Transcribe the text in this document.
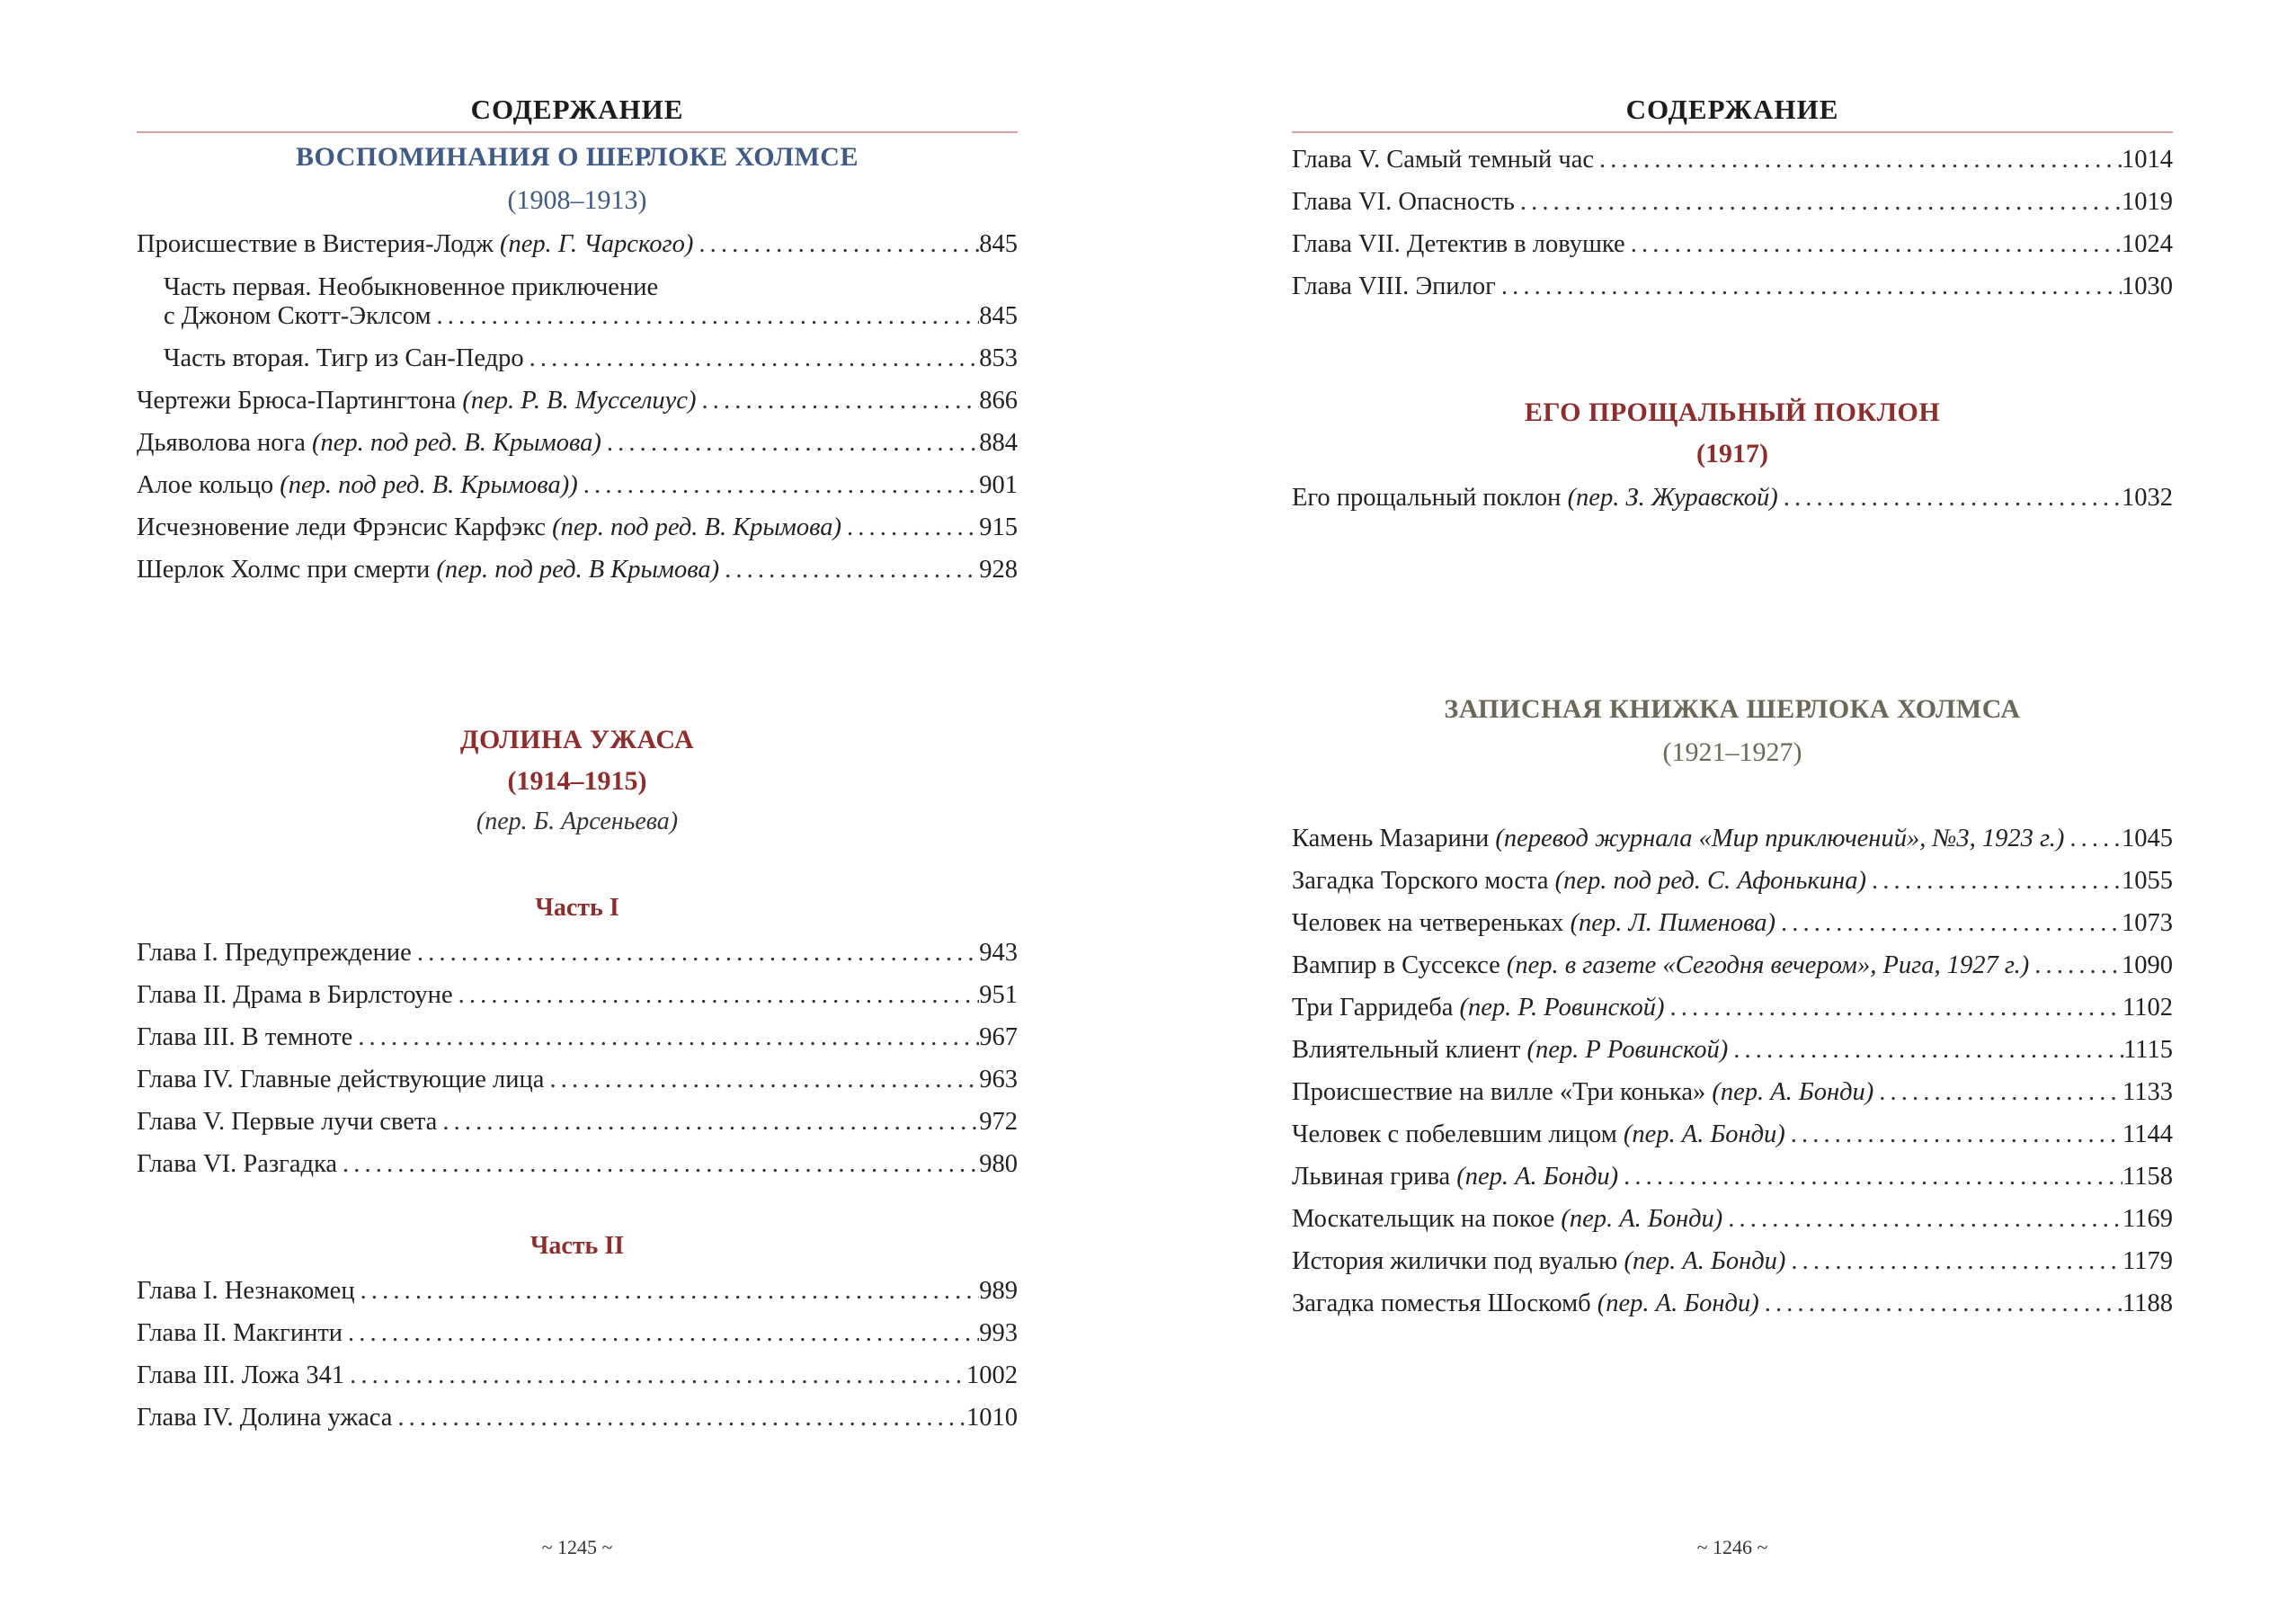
СОДЕРЖАНИЕ
ВОСПОМИНАНИЯ О ШЕРЛОКЕ ХОЛМСЕ
(1908–1913)
Происшествие в Вистерия-Лодж (пер. Г. Чарского) . . .	845
Часть первая. Необыкновенное приключение
с Джоном Скотт-Эклсом . . .	845
Часть вторая. Тигр из Сан-Педро . . .	853
Чертежи Брюса-Партингтона (пер. Р. В. Мусселиус) . . .	866
Дьяволова нога (пер. под ред. В. Крымова) . . .	884
Алое кольцо (пер. под ред. В. Крымова)) . . .	901
Исчезновение леди Фрэнсис Карфэкс (пер. под ред. В. Крымова) . . .	915
Шерлок Холмс при смерти (пер. под ред. В Крымова) . . .	928
ДОЛИНА УЖАСА
(1914–1915)
(пер. Б. Арсеньева)
Часть I
Глава I. Предупреждение . . .	943
Глава II. Драма в Бирлстоуне . . .	951
Глава III. В темноте . . .	967
Глава IV. Главные действующие лица . . .	963
Глава V. Первые лучи света . . .	972
Глава VI. Разгадка . . .	980
Часть II
Глава I. Незнакомец . . .	989
Глава II. Макгинти . . .	993
Глава III. Ложа 341 . . .	1002
Глава IV. Долина ужаса . . .	1010
~ 1245 ~
СОДЕРЖАНИЕ
Глава V. Самый темный час . . .	1014
Глава VI. Опасность . . .	1019
Глава VII. Детектив в ловушке . . .	1024
Глава VIII. Эпилог . . .	1030
ЕГО ПРОЩАЛЬНЫЙ ПОКЛОН
(1917)
Его прощальный поклон (пер. З. Журавской) . . .	1032
ЗАПИСНАЯ КНИЖКА ШЕРЛОКА ХОЛМСА
(1921–1927)
Камень Мазарини (перевод журнала «Мир приключений», №3, 1923 г.) . . . 1045
Загадка Торского моста (пер. под ред. С. Афонькина) . . .	1055
Человек на четвереньках (пер. Л. Пименова) . . .	1073
Вампир в Суссексе (пер. в газете «Сегодня вечером», Рига, 1927 г.) . . .	1090
Три Гарридеба (пер. Р. Ровинской) . . .	1102
Влиятельный клиент (пер. Р Ровинской) . . .	1115
Происшествие на вилле «Три конька» (пер. А. Бонди) . . .	1133
Человек с побелевшим лицом (пер. А. Бонди) . . .	1144
Львиная грива (пер. А. Бонди) . . .	1158
Москательщик на покое (пер. А. Бонди) . . .	1169
История жилички под вуалью (пер. А. Бонди) . . .	1179
Загадка поместья Шоскомб (пер. А. Бонди) . . .	1188
~ 1246 ~
